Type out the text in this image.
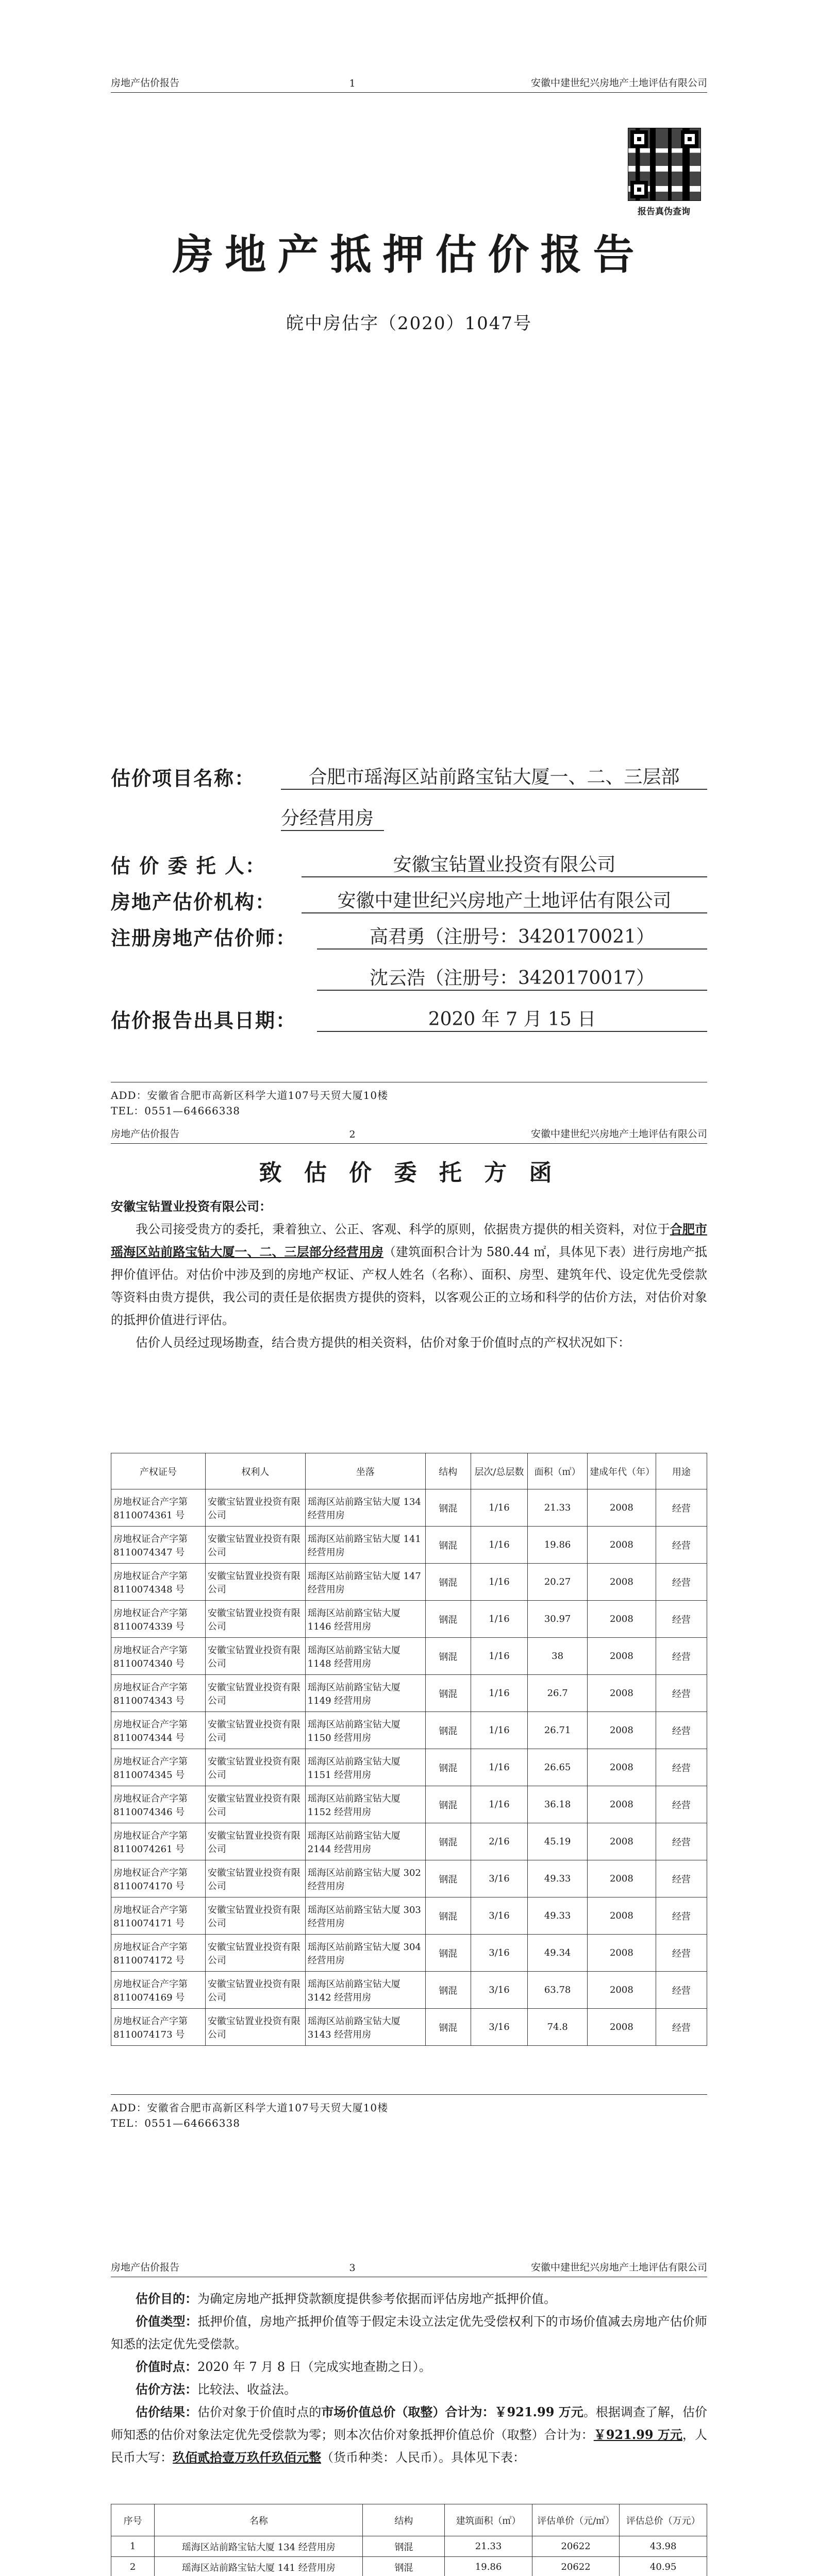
房地产估价报告	1	安徽中建世纪兴房地产土地评估有限公司
报告真伪查询
房地产抵押估价报告
皖中房估字（2020）1047号
估价项目名称：	合肥市瑶海区站前路宝钻大厦一、二、三层部
分经营用房
估 价 委 托 人：	安徽宝钻置业投资有限公司
房地产估价机构：	安徽中建世纪兴房地产土地评估有限公司
注册房地产估价师：	高君勇（注册号：3420170021）
沈云浩（注册号：3420170017）
估价报告出具日期：	2020 年 7 月 15 日
ADD：安徽省合肥市高新区科学大道107号天贸大厦10楼
TEL：0551—64666338
房地产估价报告	2	安徽中建世纪兴房地产土地评估有限公司
致 估 价 委 托 方 函
安徽宝钻置业投资有限公司：

我公司接受贵方的委托，秉着独立、公正、客观、科学的原则，依据贵方提供的相关资料，对位于合肥市瑶海区站前路宝钻大厦一、二、三层部分经营用房（建筑面积合计为 580.44 ㎡，具体见下表）进行房地产抵押价值评估。对估价中涉及到的房地产权证、产权人姓名（名称）、面积、房型、建筑年代、设定优先受偿款等资料由贵方提供，我公司的责任是依据贵方提供的资料，以客观公正的立场和科学的估价方法，对估价对象的抵押价值进行评估。

估价人员经过现场勘查，结合贵方提供的相关资料，估价对象于价值时点的产权状况如下：

产权证号	权利人	坐落	结构	层次/总层数	面积（㎡）	建成年代（年）	用途
房地权证合产字第 8110074361 号	安徽宝钻置业投资有限公司	瑶海区站前路宝钻大厦 134 经营用房	钢混	1/16	21.33	2008	经营
房地权证合产字第 8110074347 号	安徽宝钻置业投资有限公司	瑶海区站前路宝钻大厦 141 经营用房	钢混	1/16	19.86	2008	经营
房地权证合产字第 8110074348 号	安徽宝钻置业投资有限公司	瑶海区站前路宝钻大厦 147 经营用房	钢混	1/16	20.27	2008	经营
房地权证合产字第 8110074339 号	安徽宝钻置业投资有限公司	瑶海区站前路宝钻大厦 1146 经营用房	钢混	1/16	30.97	2008	经营
房地权证合产字第 8110074340 号	安徽宝钻置业投资有限公司	瑶海区站前路宝钻大厦 1148 经营用房	钢混	1/16	38	2008	经营
房地权证合产字第 8110074343 号	安徽宝钻置业投资有限公司	瑶海区站前路宝钻大厦 1149 经营用房	钢混	1/16	26.7	2008	经营
房地权证合产字第 8110074344 号	安徽宝钻置业投资有限公司	瑶海区站前路宝钻大厦 1150 经营用房	钢混	1/16	26.71	2008	经营
房地权证合产字第 8110074345 号	安徽宝钻置业投资有限公司	瑶海区站前路宝钻大厦 1151 经营用房	钢混	1/16	26.65	2008	经营
房地权证合产字第 8110074346 号	安徽宝钻置业投资有限公司	瑶海区站前路宝钻大厦 1152 经营用房	钢混	1/16	36.18	2008	经营
房地权证合产字第 8110074261 号	安徽宝钻置业投资有限公司	瑶海区站前路宝钻大厦 2144 经营用房	钢混	2/16	45.19	2008	经营
房地权证合产字第 8110074170 号	安徽宝钻置业投资有限公司	瑶海区站前路宝钻大厦 302 经营用房	钢混	3/16	49.33	2008	经营
房地权证合产字第 8110074171 号	安徽宝钻置业投资有限公司	瑶海区站前路宝钻大厦 303 经营用房	钢混	3/16	49.33	2008	经营
房地权证合产字第 8110074172 号	安徽宝钻置业投资有限公司	瑶海区站前路宝钻大厦 304 经营用房	钢混	3/16	49.34	2008	经营
房地权证合产字第 8110074169 号	安徽宝钻置业投资有限公司	瑶海区站前路宝钻大厦 3142 经营用房	钢混	3/16	63.78	2008	经营
房地权证合产字第 8110074173 号	安徽宝钻置业投资有限公司	瑶海区站前路宝钻大厦 3143 经营用房	钢混	3/16	74.8	2008	经营
ADD：安徽省合肥市高新区科学大道107号天贸大厦10楼
TEL：0551—64666338
房地产估价报告	3	安徽中建世纪兴房地产土地评估有限公司

估价目的：为确定房地产抵押贷款额度提供参考依据而评估房地产抵押价值。

价值类型：抵押价值，房地产抵押价值等于假定未设立法定优先受偿权利下的市场价值减去房地产估价师知悉的法定优先受偿款。

价值时点：2020 年 7 月 8 日（完成实地查勘之日）。

估价方法：比较法、收益法。

估价结果：估价对象于价值时点的市场价值总价（取整）合计为：￥921.99 万元。根据调查了解，估价师知悉的估价对象法定优先受偿款为零；则本次估价对象抵押价值总价（取整）合计为：￥921.99 万元，人民币大写：玖佰贰拾壹万玖仟玖佰元整（货币种类：人民币）。具体见下表：

序号	名称	结构	建筑面积（㎡）	评估单价（元/㎡）	评估总价（万元）
1	瑶海区站前路宝钻大厦 134 经营用房	钢混	21.33	20622	43.98
2	瑶海区站前路宝钻大厦 141 经营用房	钢混	19.86	20622	40.95
